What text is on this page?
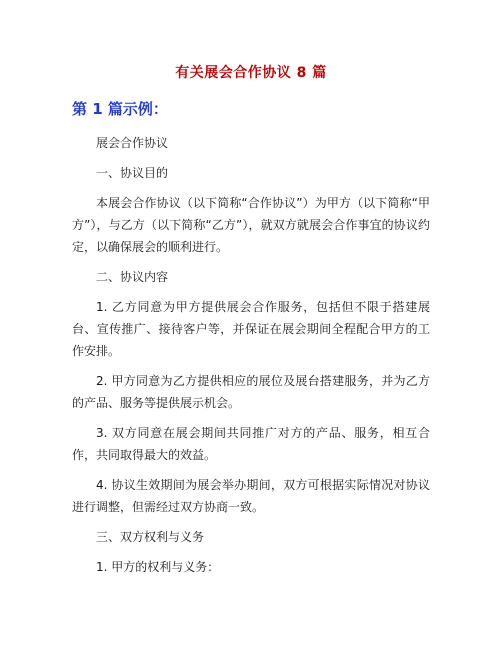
有关展会合作协议 8 篇
第 1 篇示例：

展会合作协议

一、协议目的

本展会合作协议（以下简称“合作协议”）为甲方（以下简称“甲方”），与乙方（以下简称“乙方”），就双方就展会合作事宜的协议约定，以确保展会的顺利进行。

二、协议内容

1. 乙方同意为甲方提供展会合作服务，包括但不限于搭建展台、宣传推广、接待客户等，并保证在展会期间全程配合甲方的工作安排。

2. 甲方同意为乙方提供相应的展位及展台搭建服务，并为乙方的产品、服务等提供展示机会。

3. 双方同意在展会期间共同推广对方的产品、服务，相互合作，共同取得最大的效益。

4. 协议生效期间为展会举办期间，双方可根据实际情况对协议进行调整，但需经过双方协商一致。

三、双方权利与义务

1. 甲方的权利与义务：
